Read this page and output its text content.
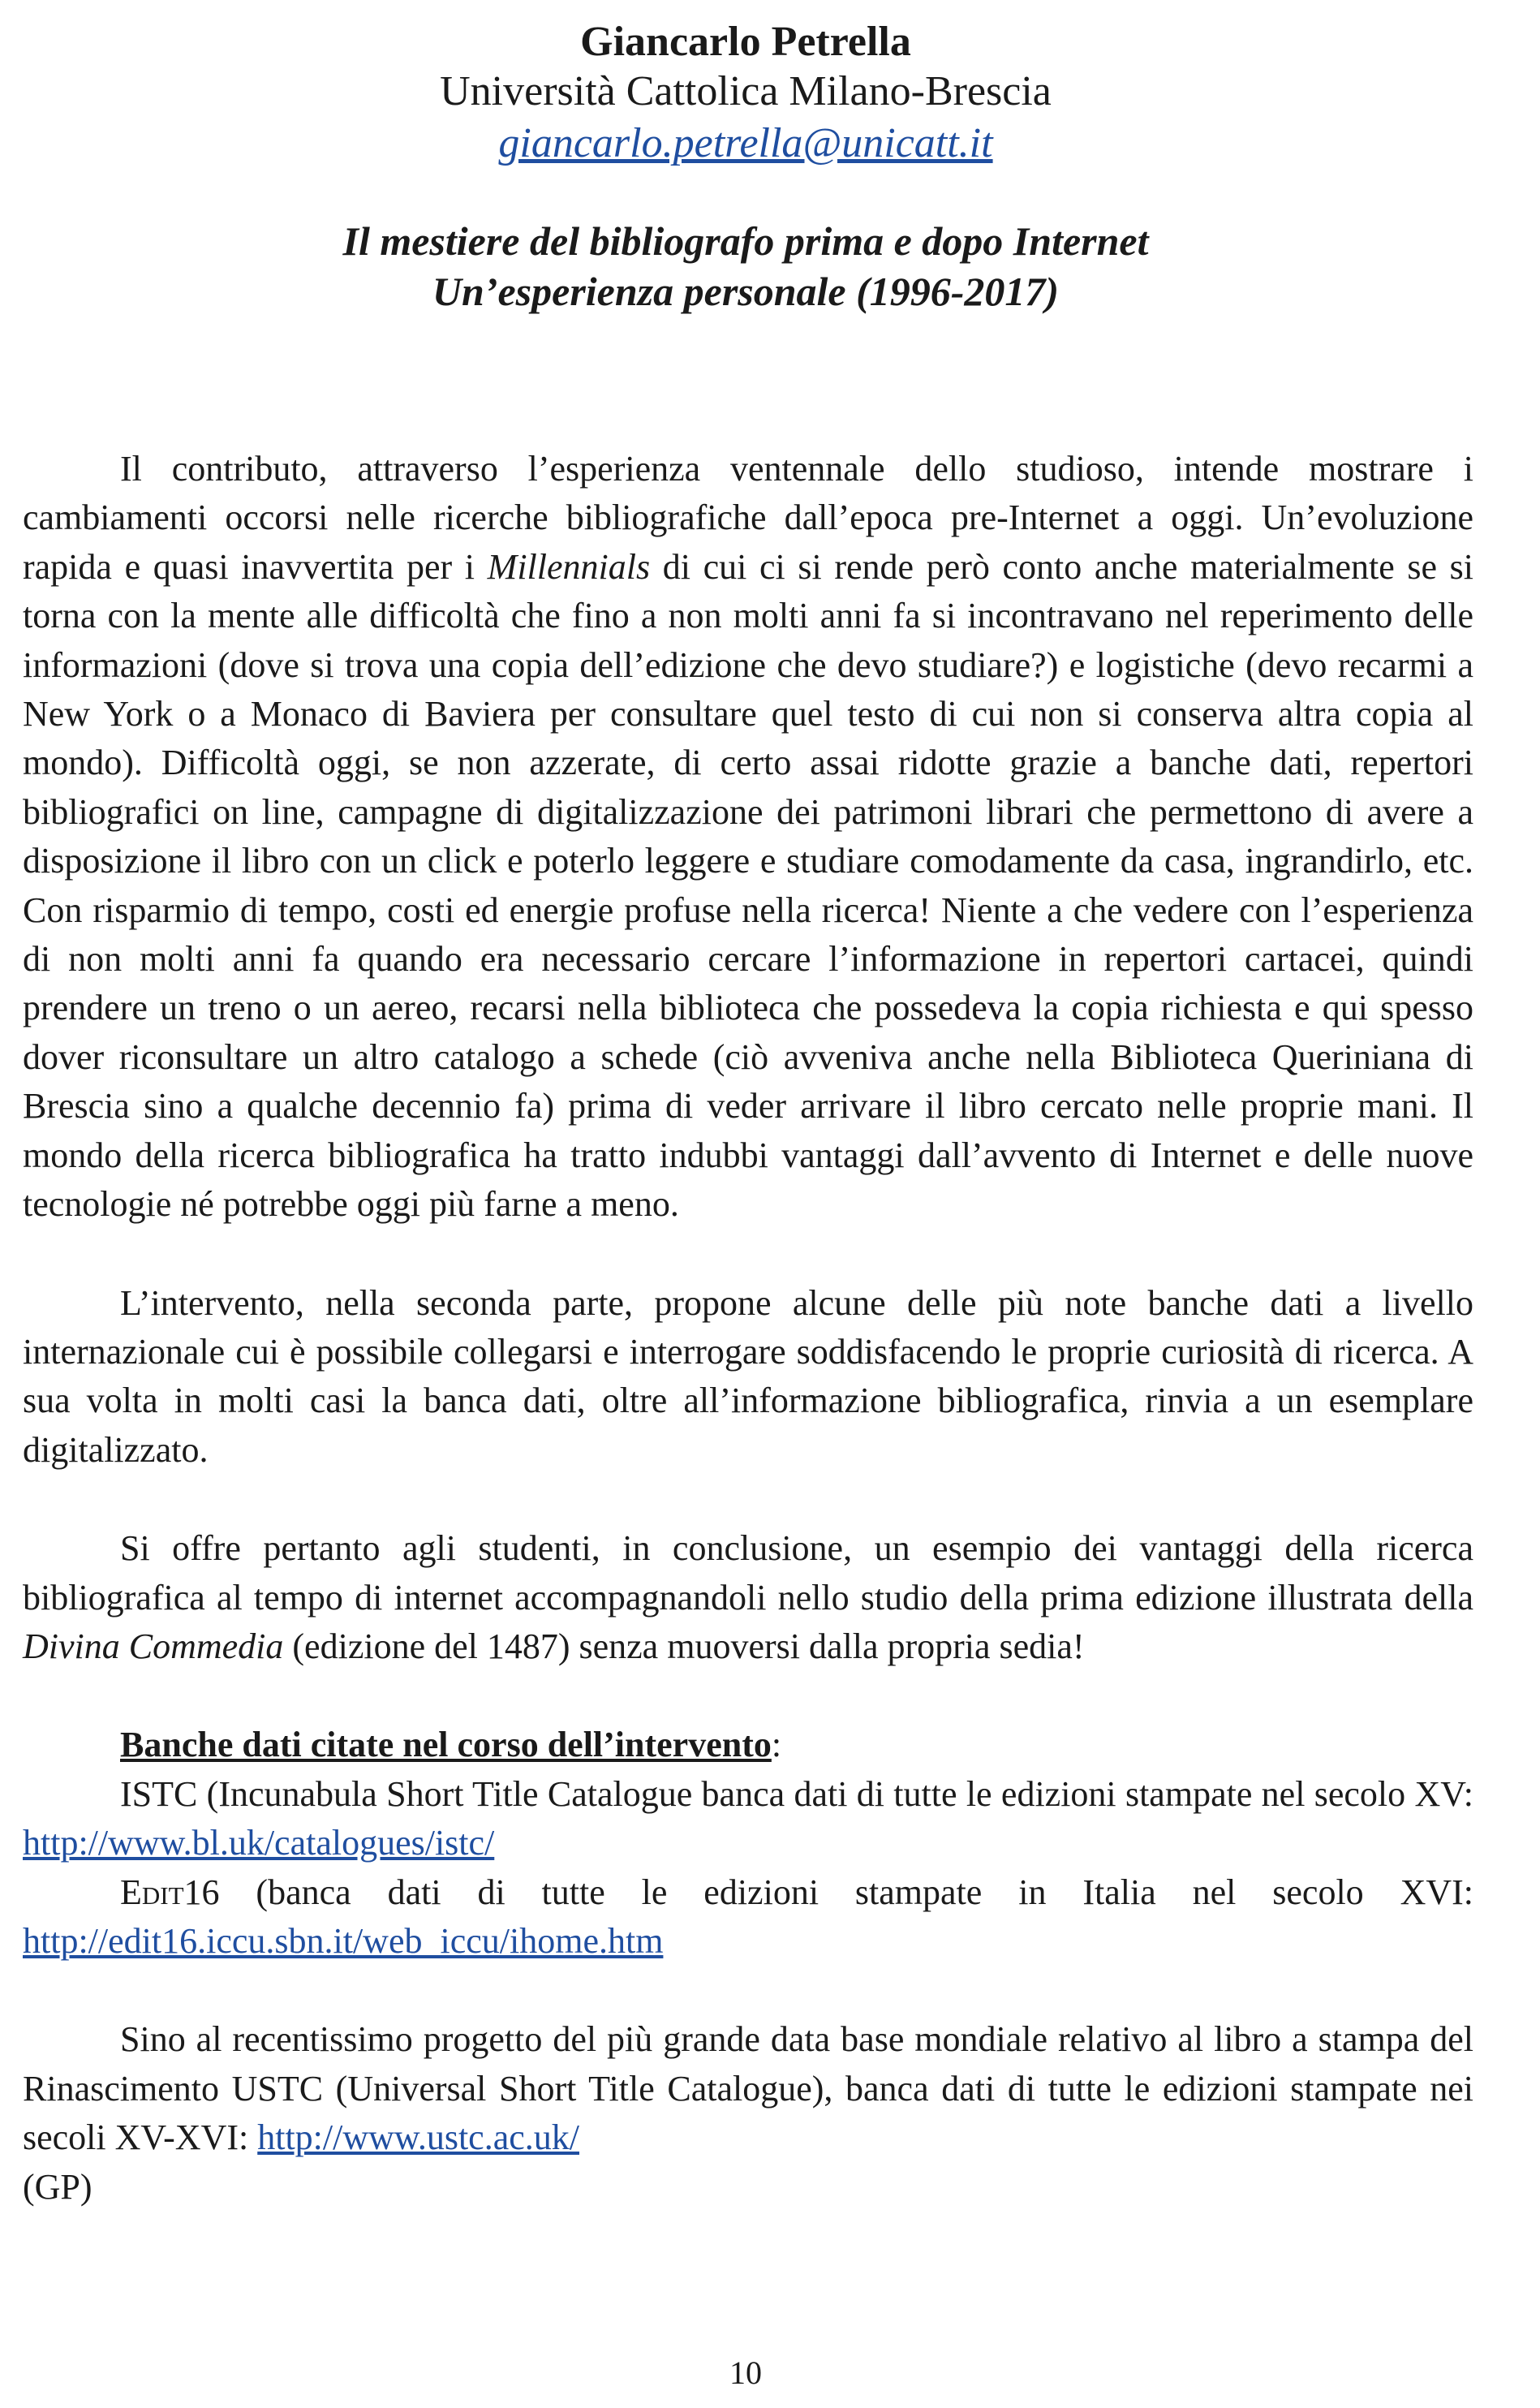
Giancarlo Petrella
Università Cattolica Milano-Brescia
giancarlo.petrella@unicatt.it
Il mestiere del bibliografo prima e dopo Internet
Un’esperienza personale (1996-2017)

Il contributo, attraverso l’esperienza ventennale dello studioso, intende mostrare i cambiamenti occorsi nelle ricerche bibliografiche dall’epoca pre-Internet a oggi. Un’evoluzione rapida e quasi inavvertita per i Millennials di cui ci si rende però conto anche materialmente se si torna con la mente alle difficoltà che fino a non molti anni fa si incontravano nel reperimento delle informazioni (dove si trova una copia dell’edizione che devo studiare?) e logistiche (devo recarmi a New York o a Monaco di Baviera per consultare quel testo di cui non si conserva altra copia al mondo). Difficoltà oggi, se non azzerate, di certo assai ridotte grazie a banche dati, repertori bibliografici on line, campagne di digitalizzazione dei patrimoni librari che permettono di avere a disposizione il libro con un click e poterlo leggere e studiare comodamente da casa, ingrandirlo, etc. Con risparmio di tempo, costi ed energie profuse nella ricerca! Niente a che vedere con l’esperienza di non molti anni fa quando era necessario cercare l’informazione in repertori cartacei, quindi prendere un treno o un aereo, recarsi nella biblioteca che possedeva la copia richiesta e qui spesso dover riconsultare un altro catalogo a schede (ciò avveniva anche nella Biblioteca Queriniana di Brescia sino a qualche decennio fa) prima di veder arrivare il libro cercato nelle proprie mani. Il mondo della ricerca bibliografica ha tratto indubbi vantaggi dall’avvento di Internet e delle nuove tecnologie né potrebbe oggi più farne a meno.

L’intervento, nella seconda parte, propone alcune delle più note banche dati a livello internazionale cui è possibile collegarsi e interrogare soddisfacendo le proprie curiosità di ricerca. A sua volta in molti casi la banca dati, oltre all’informazione bibliografica, rinvia a un esemplare digitalizzato.

Si offre pertanto agli studenti, in conclusione, un esempio dei vantaggi della ricerca bibliografica al tempo di internet accompagnandoli nello studio della prima edizione illustrata della Divina Commedia (edizione del 1487) senza muoversi dalla propria sedia!

Banche dati citate nel corso dell’intervento:

ISTC (Incunabula Short Title Catalogue banca dati di tutte le edizioni stampate nel secolo XV: http://www.bl.uk/catalogues/istc/

Edit16 (banca dati di tutte le edizioni stampate in Italia nel secolo XVI: http://edit16.iccu.sbn.it/web_iccu/ihome.htm

Sino al recentissimo progetto del più grande data base mondiale relativo al libro a stampa del Rinascimento USTC (Universal Short Title Catalogue), banca dati di tutte le edizioni stampate nei secoli XV-XVI: http://www.ustc.ac.uk/

(GP)

10
